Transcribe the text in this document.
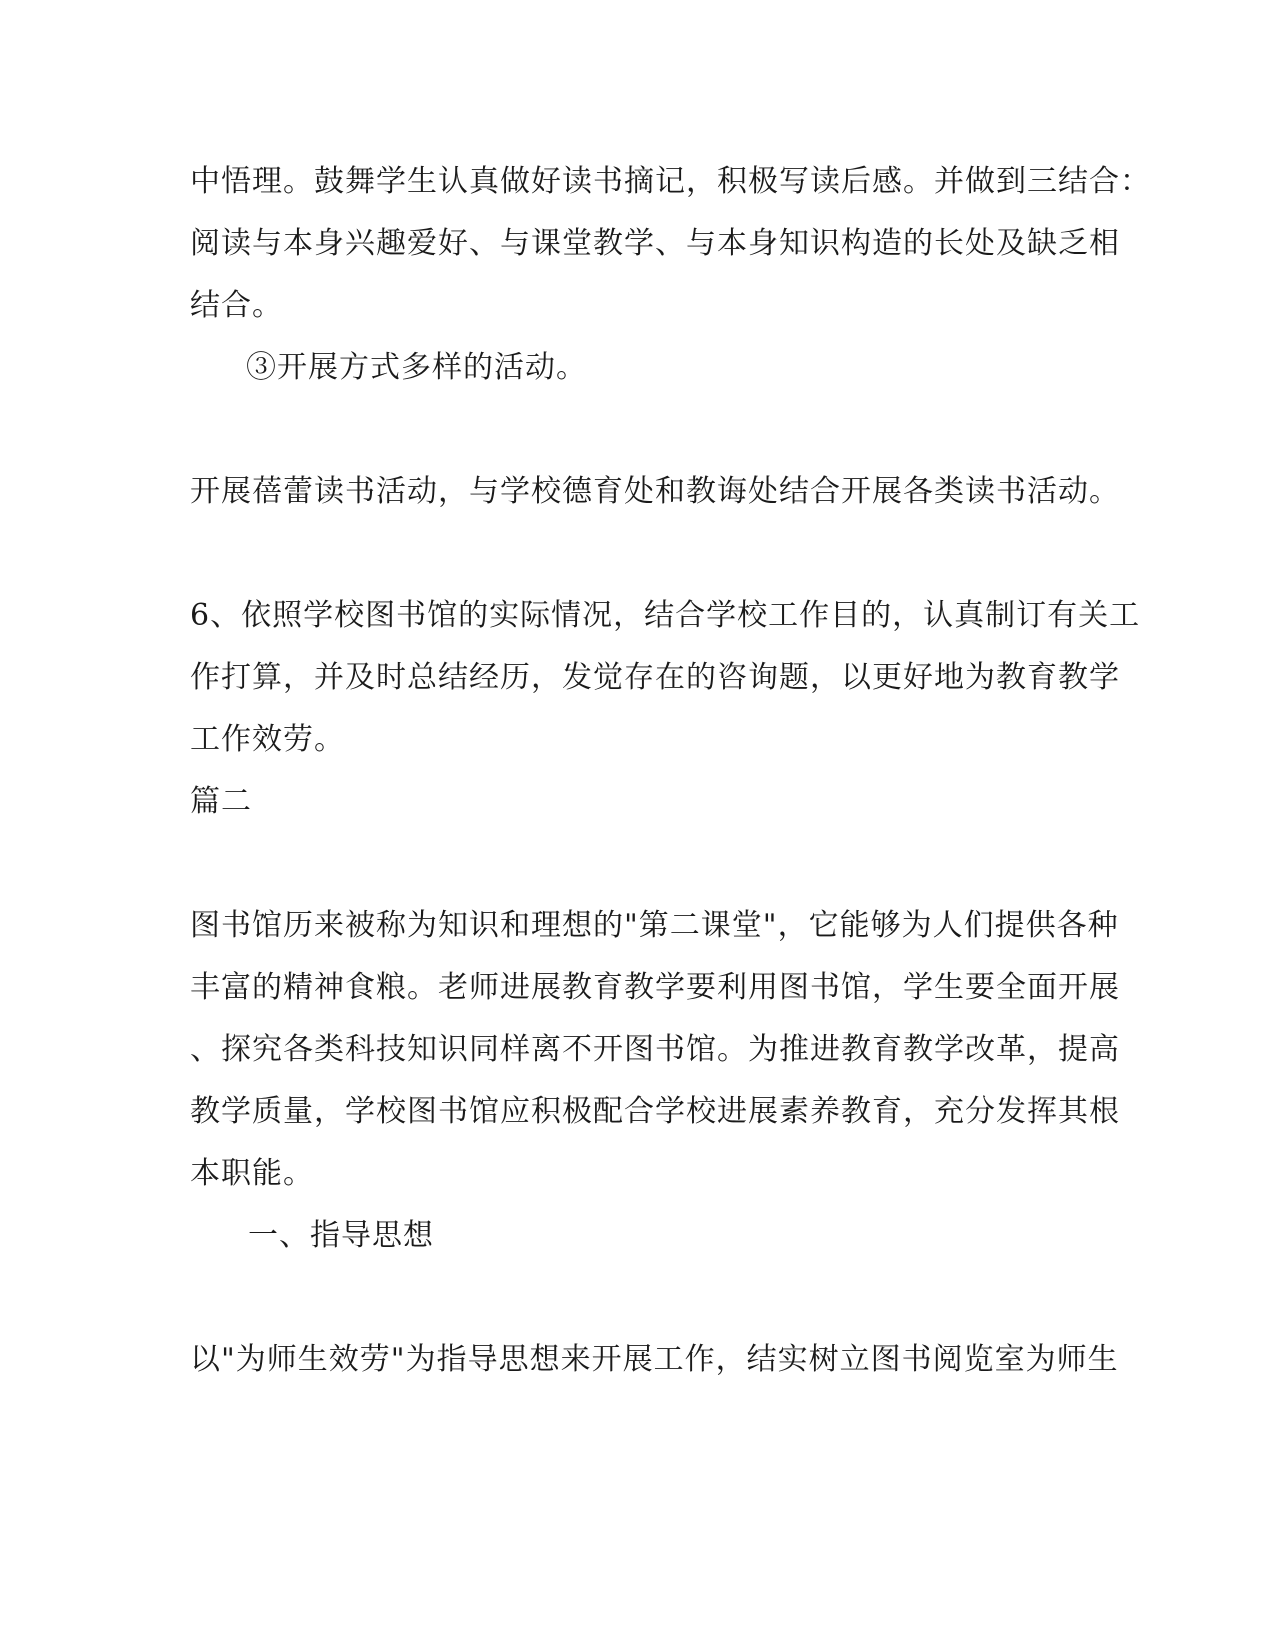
中悟理。鼓舞学生认真做好读书摘记，积极写读后感。并做到三结合：
阅读与本身兴趣爱好、与课堂教学、与本身知识构造的长处及缺乏相
结合。
③开展方式多样的活动。
开展蓓蕾读书活动，与学校德育处和教诲处结合开展各类读书活动。
6、依照学校图书馆的实际情况，结合学校工作目的，认真制订有关工
作打算，并及时总结经历，发觉存在的咨询题，以更好地为教育教学
工作效劳。
篇二
图书馆历来被称为知识和理想的"第二课堂"，它能够为人们提供各种
丰富的精神食粮。老师进展教育教学要利用图书馆，学生要全面开展
、探究各类科技知识同样离不开图书馆。为推进教育教学改革，提高
教学质量，学校图书馆应积极配合学校进展素养教育，充分发挥其根
本职能。
一、指导思想
以"为师生效劳"为指导思想来开展工作，结实树立图书阅览室为师生
